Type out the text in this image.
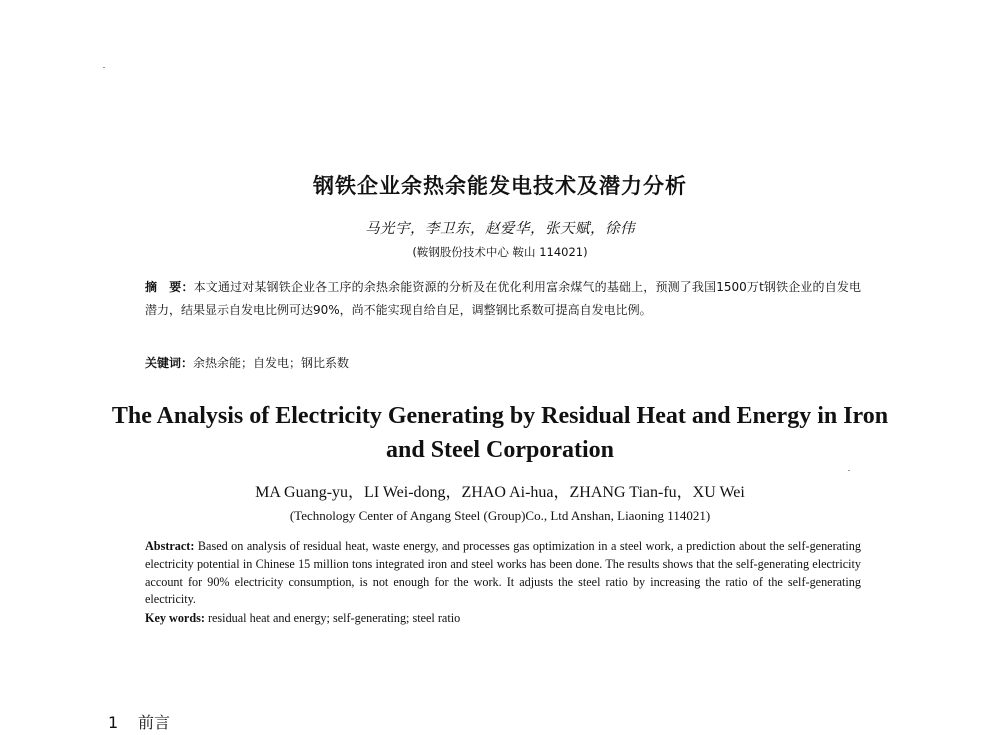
钢铁企业余热余能发电技术及潜力分析
马光宇，李卫东，赵爱华，张天赋，徐伟
(鞍钢股份技术中心 鞍山 114021)
摘　要：本文通过对某钢铁企业各工序的余热余能资源的分析及在优化利用富余煤气的基础上，预测了我国1500万t钢铁企业的自发电潜力，结果显示自发电比例可达90%，尚不能实现自给自足，调整钢比系数可提高自发电比例。
关键词：余热余能；自发电；钢比系数
The Analysis of Electricity Generating by Residual Heat and Energy in Iron and Steel Corporation
MA Guang-yu，LI Wei-dong，ZHAO Ai-hua，ZHANG Tian-fu，XU Wei
(Technology Center of Angang Steel (Group)Co., Ltd Anshan, Liaoning 114021)
Abstract: Based on analysis of residual heat, waste energy, and processes gas optimization in a steel work, a prediction about the self-generating electricity potential in Chinese 15 million tons integrated iron and steel works has been done. The results shows that the self-generating electricity account for 90% electricity consumption, is not enough for the work. It adjusts the steel ratio by increasing the ratio of the self-generating electricity.
Key words: residual heat and energy; self-generating; steel ratio
1 前言
